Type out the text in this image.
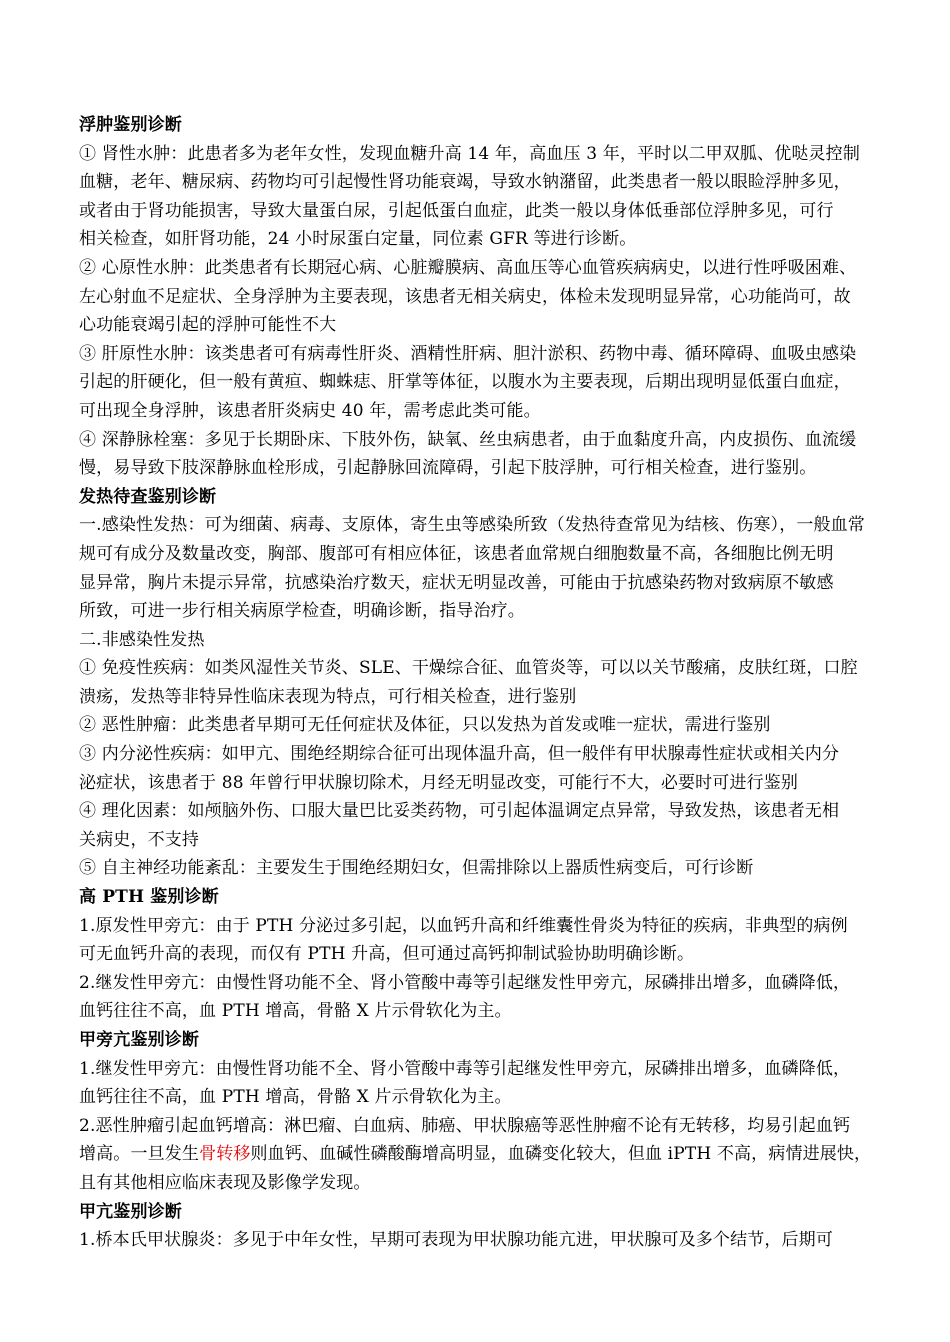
浮肿鉴别诊断
① 肾性水肿：此患者多为老年女性，发现血糖升高 14 年，高血压 3 年，平时以二甲双胍、优哒灵控制
血糖，老年、糖尿病、药物均可引起慢性肾功能衰竭，导致水钠潴留，此类患者一般以眼睑浮肿多见，
或者由于肾功能损害，导致大量蛋白尿，引起低蛋白血症，此类一般以身体低垂部位浮肿多见，可行
相关检查，如肝肾功能，24 小时尿蛋白定量，同位素 GFR 等进行诊断。
② 心原性水肿：此类患者有长期冠心病、心脏瓣膜病、高血压等心血管疾病病史，以进行性呼吸困难、
左心射血不足症状、全身浮肿为主要表现，该患者无相关病史，体检未发现明显异常，心功能尚可，故
心功能衰竭引起的浮肿可能性不大
③ 肝原性水肿：该类患者可有病毒性肝炎、酒精性肝病、胆汁淤积、药物中毒、循环障碍、血吸虫感染
引起的肝硬化，但一般有黄疸、蜘蛛痣、肝掌等体征，以腹水为主要表现，后期出现明显低蛋白血症，
可出现全身浮肿，该患者肝炎病史 40 年，需考虑此类可能。
④ 深静脉栓塞：多见于长期卧床、下肢外伤，缺氧、丝虫病患者，由于血黏度升高，内皮损伤、血流缓
慢，易导致下肢深静脉血栓形成，引起静脉回流障碍，引起下肢浮肿，可行相关检查，进行鉴别。
发热待查鉴别诊断
一.感染性发热：可为细菌、病毒、支原体，寄生虫等感染所致（发热待查常见为结核、伤寒），一般血常
规可有成分及数量改变，胸部、腹部可有相应体征，该患者血常规白细胞数量不高，各细胞比例无明
显异常，胸片未提示异常，抗感染治疗数天，症状无明显改善，可能由于抗感染药物对致病原不敏感
所致，可进一步行相关病原学检查，明确诊断，指导治疗。
二.非感染性发热
① 免疫性疾病：如类风湿性关节炎、SLE、干燥综合征、血管炎等，可以以关节酸痛，皮肤红斑，口腔
溃疡，发热等非特异性临床表现为特点，可行相关检查，进行鉴别
② 恶性肿瘤：此类患者早期可无任何症状及体征，只以发热为首发或唯一症状，需进行鉴别
③ 内分泌性疾病：如甲亢、围绝经期综合征可出现体温升高，但一般伴有甲状腺毒性症状或相关内分
泌症状，该患者于 88 年曾行甲状腺切除术，月经无明显改变，可能行不大，必要时可进行鉴别
④ 理化因素：如颅脑外伤、口服大量巴比妥类药物，可引起体温调定点异常，导致发热，该患者无相
关病史，不支持
⑤ 自主神经功能紊乱：主要发生于围绝经期妇女，但需排除以上器质性病变后，可行诊断
高 PTH 鉴别诊断
1.原发性甲旁亢：由于 PTH 分泌过多引起，以血钙升高和纤维囊性骨炎为特征的疾病，非典型的病例
可无血钙升高的表现，而仅有 PTH 升高，但可通过高钙抑制试验协助明确诊断。
2.继发性甲旁亢：由慢性肾功能不全、肾小管酸中毒等引起继发性甲旁亢，尿磷排出增多，血磷降低，
血钙往往不高，血 PTH 增高，骨骼 X 片示骨软化为主。
甲旁亢鉴别诊断
1.继发性甲旁亢：由慢性肾功能不全、肾小管酸中毒等引起继发性甲旁亢，尿磷排出增多，血磷降低，
血钙往往不高，血 PTH 增高，骨骼 X 片示骨软化为主。
2.恶性肿瘤引起血钙增高：淋巴瘤、白血病、肺癌、甲状腺癌等恶性肿瘤不论有无转移，均易引起血钙
增高。一旦发生骨转移则血钙、血碱性磷酸酶增高明显，血磷变化较大，但血 iPTH 不高，病情进展快，
且有其他相应临床表现及影像学发现。
甲亢鉴别诊断
1.桥本氏甲状腺炎：多见于中年女性，早期可表现为甲状腺功能亢进，甲状腺可及多个结节，后期可
